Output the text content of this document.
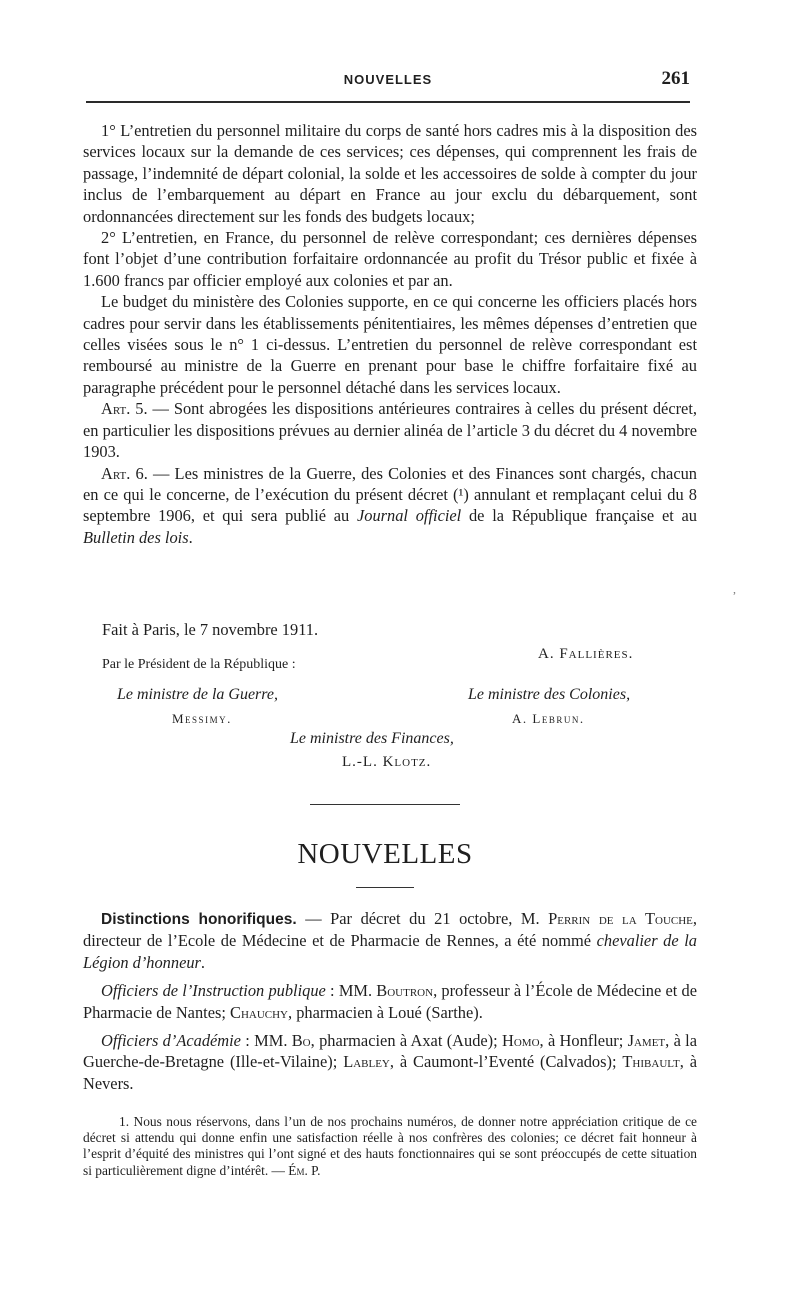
NOUVELLES	261

1° L’entretien du personnel militaire du corps de santé hors cadres mis à la disposition des services locaux sur la demande de ces services; ces dépenses, qui comprennent les frais de passage, l’indemnité de départ colonial, la solde et les accessoires de solde à compter du jour inclus de l’embarquement au départ en France au jour exclu du débarquement, sont ordonnancées directement sur les fonds des budgets locaux;

2° L’entretien, en France, du personnel de relève correspondant; ces dernières dépenses font l’objet d’une contribution forfaitaire ordonnancée au profit du Trésor public et fixée à 1.600 francs par officier employé aux colonies et par an.

Le budget du ministère des Colonies supporte, en ce qui concerne les officiers placés hors cadres pour servir dans les établissements pénitentiaires, les mêmes dépenses d’entretien que celles visées sous le n° 1 ci-dessus. L’entretien du personnel de relève correspondant est remboursé au ministre de la Guerre en prenant pour base le chiffre forfaitaire fixé au paragraphe précédent pour le personnel détaché dans les services locaux.

Art. 5. — Sont abrogées les dispositions antérieures contraires à celles du présent décret, en particulier les dispositions prévues au dernier alinéa de l’article 3 du décret du 4 novembre 1903.

Art. 6. — Les ministres de la Guerre, des Colonies et des Finances sont chargés, chacun en ce qui le concerne, de l’exécution du présent décret (¹) annulant et remplaçant celui du 8 septembre 1906, et qui sera publié au Journal officiel de la République française et au Bulletin des lois.

Fait à Paris, le 7 novembre 1911.
A. Fallières.
Par le Président de la République :
Le ministre de la Guerre,	Le ministre des Colonies,
Messimy.	A. Lebrun.
Le ministre des Finances,
L.-L. Klotz.
NOUVELLES

Distinctions honorifiques. — Par décret du 21 octobre, M. Perrin de la Touche, directeur de l’Ecole de Médecine et de Pharmacie de Rennes, a été nommé chevalier de la Légion d’honneur.

Officiers de l’Instruction publique : MM. Boutron, professeur à l’École de Médecine et de Pharmacie de Nantes; Chauchy, pharmacien à Loué (Sarthe).

Officiers d’Académie : MM. Bo, pharmacien à Axat (Aude); Homo, à Honfleur; Jamet, à la Guerche-de-Bretagne (Ille-et-Vilaine); Labley, à Caumont-l’Eventé (Calvados); Thibault, à Nevers.

1. Nous nous réservons, dans l’un de nos prochains numéros, de donner notre appréciation critique de ce décret si attendu qui donne enfin une satisfaction réelle à nos confrères des colonies; ce décret fait honneur à l’esprit d’équité des ministres qui l’ont signé et des hauts fonctionnaires qui se sont préoccupés de cette situation si particulièrement digne d’intérêt. — Ém. P.
,
